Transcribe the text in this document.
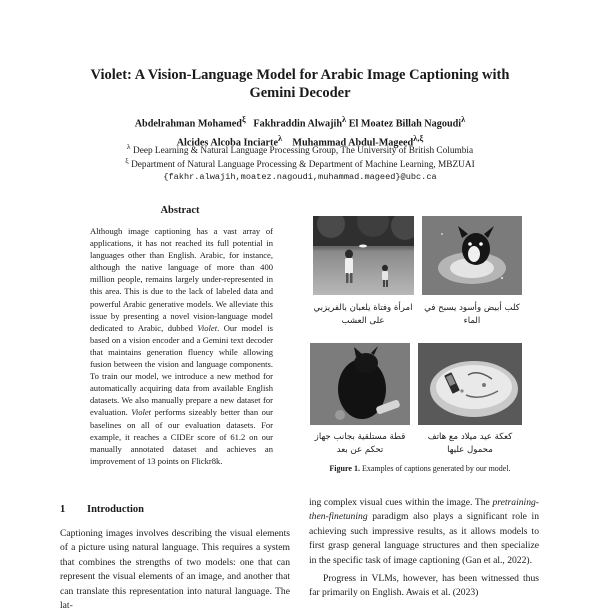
Violet: A Vision-Language Model for Arabic Image Captioning with
Gemini Decoder
Abdelrahman Mohamed$^\xi$ Fakhraddin Alwajih$^\lambda$ El Moatez Billah Nagoudi$^\lambda$
Alcides Alcoba Inciarte$^\lambda$ Muhammad Abdul-Mageed$^{\lambda,\xi}$
$^\lambda$ Deep Learning & Natural Language Processing Group, The University of British Columbia
$^\xi$ Department of Natural Language Processing & Department of Machine Learning, MBZUAI
{fakhr.alwajih,moatez.nagoudi,muhammad.mageed}@ubc.ca
Abstract
Although image captioning has a vast array of applications, it has not reached its full potential in languages other than English. Arabic, for instance, although the native language of more than 400 million people, remains largely under-represented in this area. This is due to the lack of labeled data and powerful Arabic generative models. We alleviate this issue by presenting a novel vision-language model dedicated to Arabic, dubbed Violet. Our model is based on a vision encoder and a Gemini text decoder that maintains generation fluency while allowing fusion between the vision and language components. To train our model, we introduce a new method for automatically acquiring data from available English datasets. We also manually prepare a new dataset for evaluation. Violet performs sizeably better than our baselines on all of our evaluation datasets. For example, it reaches a CIDEr score of 61.2 on our manually annotated dataset and achieves an improvement of 13 points on Flickr8k.
امرأة وفتاة يلعبان بالفريزبي على العشب
كلب أبيض وأسود يسبح في الماء
قطة مستلقية بجانب جهاز تحكم عن بعد
كعكة عيد ميلاد مع هاتف محمول عليها
Figure 1. Examples of captions generated by our model.
1 Introduction
Captioning images involves describing the visual elements of a picture using natural language. This requires a system that combines the strengths of two models: one that can represent the visual elements of an image, and another that can translate this representation into natural language. The lat-

ing complex visual cues within the image. The pretraining-then-finetuning paradigm also plays a significant role in achieving such impressive results, as it allows models to first grasp general language structures and then specialize in the specific task of image captioning (Gan et al., 2022).

Progress in VLMs, however, has been witnessed thus far primarily on English. Awais et al. (2023)
